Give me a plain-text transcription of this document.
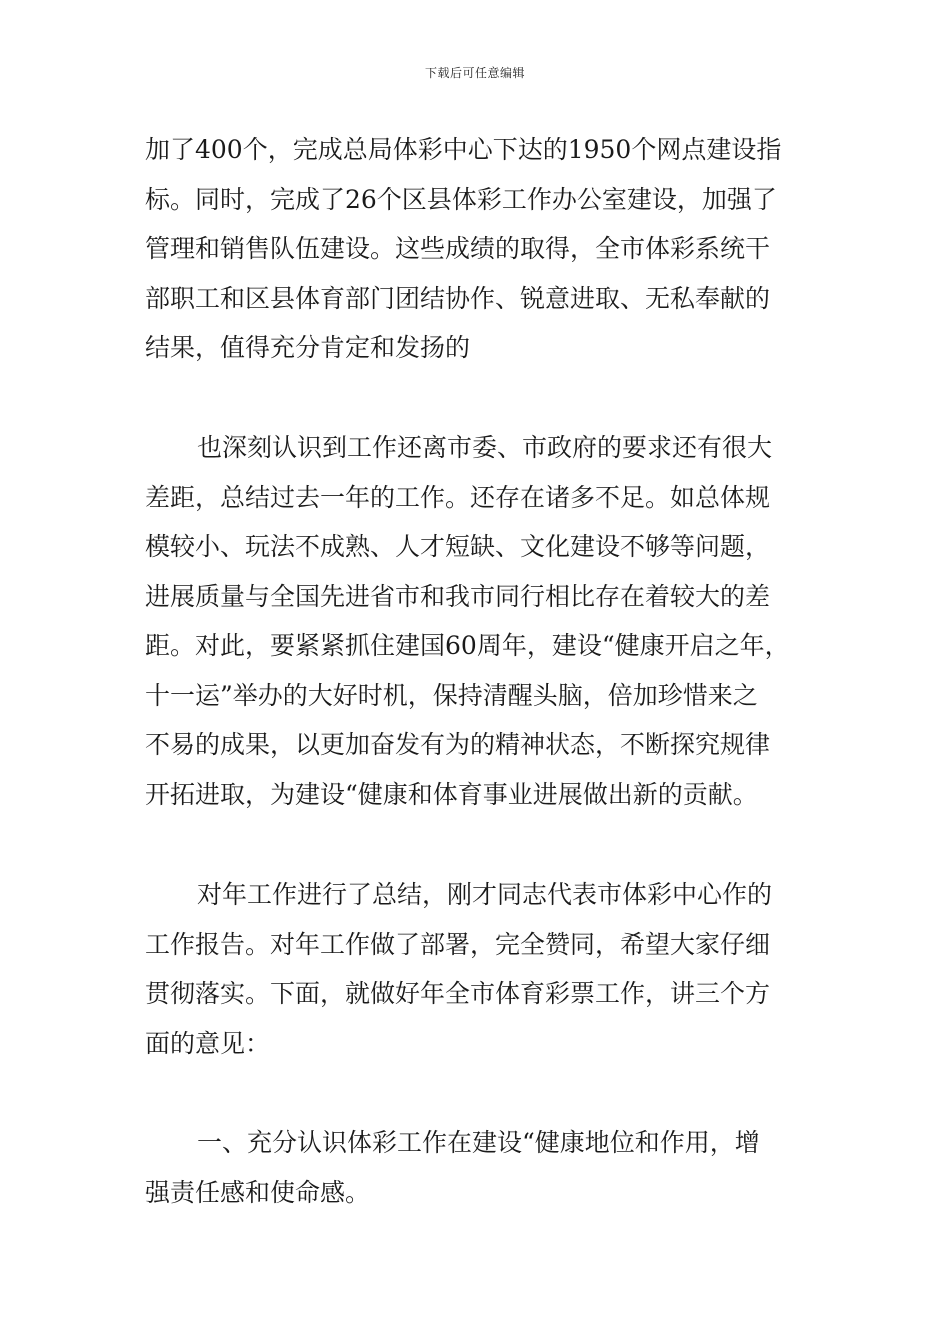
下载后可任意编辑

加了400个，完成总局体彩中心下达的1950个网点建设指
标。同时，完成了26个区县体彩工作办公室建设，加强了
管理和销售队伍建设。这些成绩的取得，全市体彩系统干
部职工和区县体育部门团结协作、锐意进取、无私奉献的
结果，值得充分肯定和发扬的

也深刻认识到工作还离市委、市政府的要求还有很大
差距，总结过去一年的工作。还存在诸多不足。如总体规
模较小、玩法不成熟、人才短缺、文化建设不够等问题，
进展质量与全国先进省市和我市同行相比存在着较大的差
距。对此，要紧紧抓住建国60周年，建设“健康开启之年，
十一运”举办的大好时机，保持清醒头脑，倍加珍惜来之
不易的成果，以更加奋发有为的精神状态，不断探究规律
开拓进取，为建设“健康和体育事业进展做出新的贡献。

对年工作进行了总结，刚才同志代表市体彩中心作的
工作报告。对年工作做了部署，完全赞同，希望大家仔细
贯彻落实。下面，就做好年全市体育彩票工作，讲三个方
面的意见：

一、充分认识体彩工作在建设“健康地位和作用，增
强责任感和使命感。
